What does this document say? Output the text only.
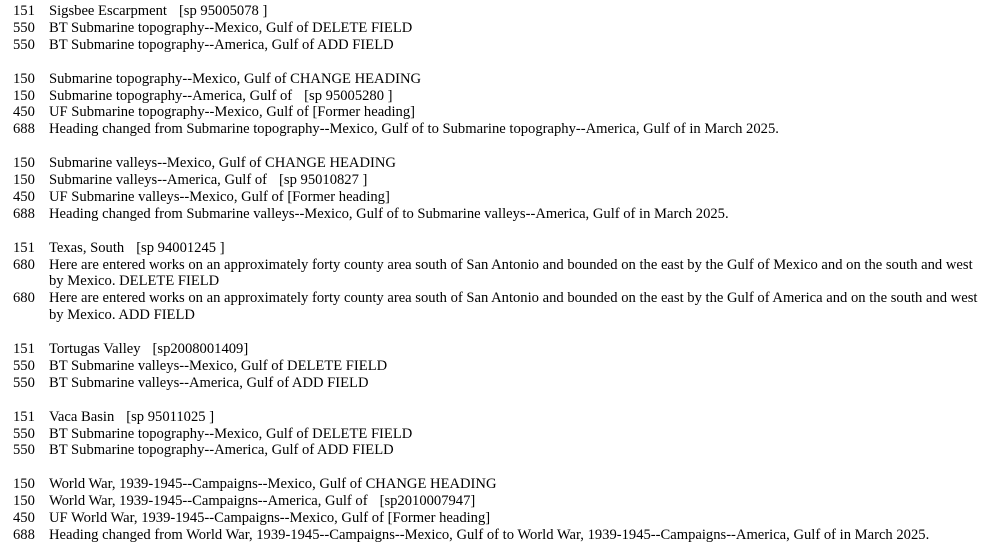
151 Sigsbee Escarpment [sp 95005078 ]
550 BT Submarine topography--Mexico, Gulf of DELETE FIELD
550 BT Submarine topography--America, Gulf of ADD FIELD
150 Submarine topography--Mexico, Gulf of CHANGE HEADING
150 Submarine topography--America, Gulf of [sp 95005280 ]
450 UF Submarine topography--Mexico, Gulf of [Former heading]
688 Heading changed from Submarine topography--Mexico, Gulf of to Submarine topography--America, Gulf of in March 2025.
150 Submarine valleys--Mexico, Gulf of CHANGE HEADING
150 Submarine valleys--America, Gulf of [sp 95010827 ]
450 UF Submarine valleys--Mexico, Gulf of [Former heading]
688 Heading changed from Submarine valleys--Mexico, Gulf of to Submarine valleys--America, Gulf of in March 2025.
151 Texas, South [sp 94001245 ]
680 Here are entered works on an approximately forty county area south of San Antonio and bounded on the east by the Gulf of Mexico and on the south and west by Mexico. DELETE FIELD
680 Here are entered works on an approximately forty county area south of San Antonio and bounded on the east by the Gulf of America and on the south and west by Mexico. ADD FIELD
151 Tortugas Valley [sp2008001409]
550 BT Submarine valleys--Mexico, Gulf of DELETE FIELD
550 BT Submarine valleys--America, Gulf of ADD FIELD
151 Vaca Basin [sp 95011025 ]
550 BT Submarine topography--Mexico, Gulf of DELETE FIELD
550 BT Submarine topography--America, Gulf of ADD FIELD
150 World War, 1939-1945--Campaigns--Mexico, Gulf of CHANGE HEADING
150 World War, 1939-1945--Campaigns--America, Gulf of [sp2010007947]
450 UF World War, 1939-1945--Campaigns--Mexico, Gulf of [Former heading]
688 Heading changed from World War, 1939-1945--Campaigns--Mexico, Gulf of to World War, 1939-1945--Campaigns--America, Gulf of in March 2025.
